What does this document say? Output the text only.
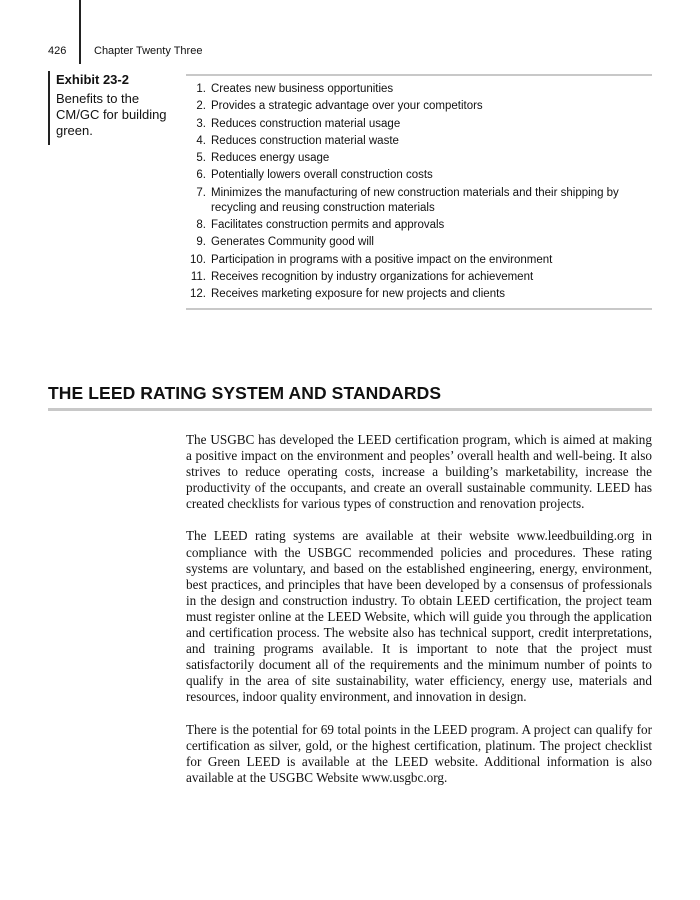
426	Chapter Twenty Three
Exhibit 23-2
Benefits to the CM/GC for building green.
1. Creates new business opportunities
2. Provides a strategic advantage over your competitors
3. Reduces construction material usage
4. Reduces construction material waste
5. Reduces energy usage
6. Potentially lowers overall construction costs
7. Minimizes the manufacturing of new construction materials and their shipping by recycling and reusing construction materials
8. Facilitates construction permits and approvals
9. Generates Community good will
10. Participation in programs with a positive impact on the environment
11. Receives recognition by industry organizations for achievement
12. Receives marketing exposure for new projects and clients
THE LEED RATING SYSTEM AND STANDARDS

The USGBC has developed the LEED certification program, which is aimed at making a positive impact on the environment and peoples’ overall health and well-being. It also strives to reduce operating costs, increase a building’s marketability, increase the productivity of the occupants, and create an overall sustainable community. LEED has created checklists for various types of construction and renovation projects.

The LEED rating systems are available at their website www.leedbuilding.org in compliance with the USBGC recommended policies and procedures. These rating systems are voluntary, and based on the established engineering, energy, environment, best practices, and principles that have been developed by a consensus of professionals in the design and construction industry. To obtain LEED certification, the project team must register online at the LEED Website, which will guide you through the application and certification process. The website also has technical support, credit interpretations, and training programs available. It is important to note that the project must satisfactorily document all of the requirements and the minimum number of points to qualify in the area of site sustainability, water efficiency, energy use, materials and resources, indoor quality environment, and innovation in design.

There is the potential for 69 total points in the LEED program. A project can qualify for certification as silver, gold, or the highest certification, platinum. The project checklist for Green LEED is available at the LEED website. Additional information is also available at the USGBC Website www.usgbc.org.
